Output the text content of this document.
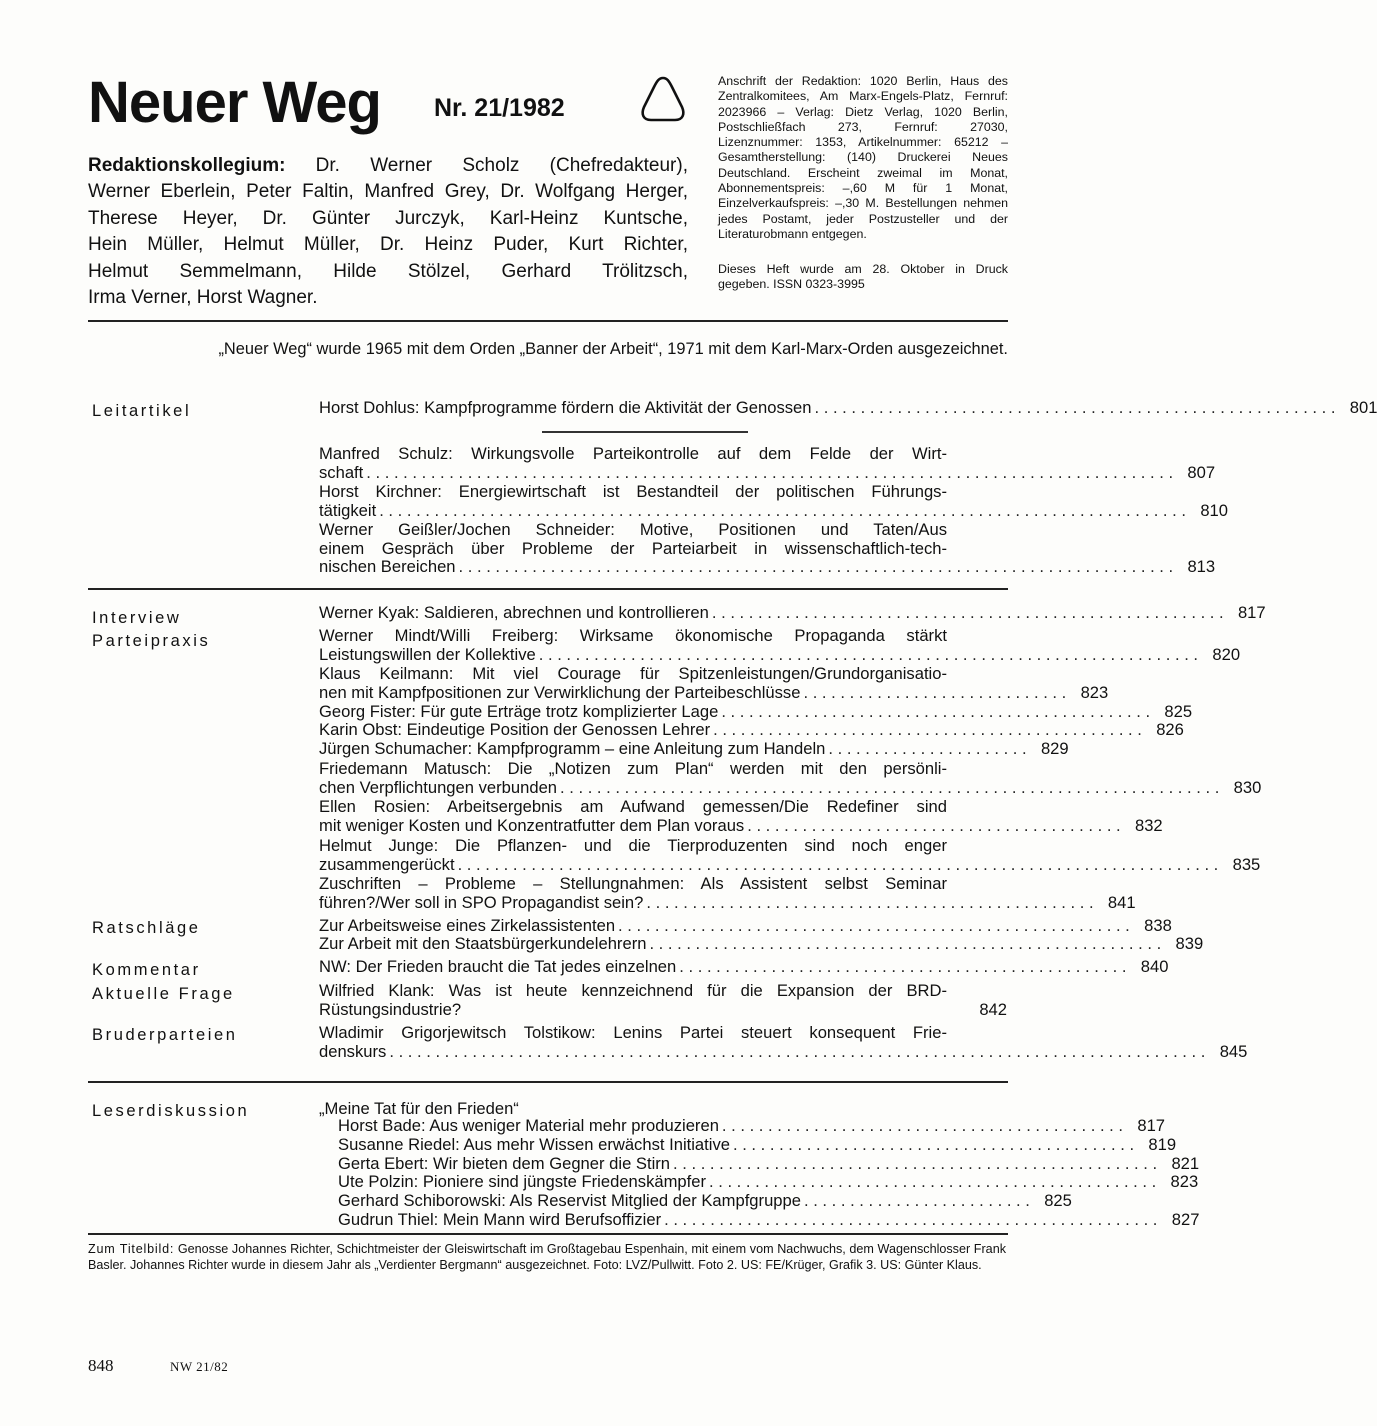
Neuer Weg Nr. 21/1982
Anschrift der Redaktion: 1020 Berlin, Haus des Zentralkomitees, Am Marx-Engels-Platz, Fernruf: 2023966 – Verlag: Dietz Verlag, 1020 Berlin, Postschließfach 273, Fernruf: 27030, Lizenznummer: 1353, Artikelnummer: 65212 – Gesamtherstellung: (140) Druckerei Neues Deutschland. Erscheint zweimal im Monat, Abonnementspreis: –,60 M für 1 Monat, Einzelverkaufspreis: –,30 M. Bestellungen nehmen jedes Postamt, jeder Postzusteller und der Literaturobmann entgegen.
Dieses Heft wurde am 28. Oktober in Druck gegeben. ISSN 0323-3995
Redaktionskollegium: Dr. Werner Scholz (Chefredakteur),
Werner Eberlein, Peter Faltin, Manfred Grey, Dr. Wolfgang Herger,
Therese Heyer, Dr. Günter Jurczyk, Karl-Heinz Kuntsche,
Hein Müller, Helmut Müller, Dr. Heinz Puder, Kurt Richter,
Helmut Semmelmann, Hilde Stölzel, Gerhard Trölitzsch,
Irma Verner, Horst Wagner.
„Neuer Weg“ wurde 1965 mit dem Orden „Banner der Arbeit“, 1971 mit dem Karl-Marx-Orden ausgezeichnet.
Leitartikel
Interview
Parteipraxis
Ratschläge
Kommentar
Aktuelle Frage
Bruderparteien
Leserdiskussion
Horst Dohlus: Kampfprogramme fördern die Aktivität der Genossen . . . . . . . . . . . . . . . . . . . . . . . . . . . . . . . . . . . . . . . . . . . . . . . . . . . . . . . . . 801
Manfred Schulz: Wirkungsvolle Parteikontrolle auf dem Felde der Wirt-
schaft . . . . . . . . . . . . . . . . . . . . . . . . . . . . . . . . . . . . . . . . . . . . . . . . . . . . . . . . . . . . . . . . . . . . . . . . . . . . . . . . . . . . . . . . 807
Horst Kirchner: Energiewirtschaft ist Bestandteil der politischen Führungs-
tätigkeit . . . . . . . . . . . . . . . . . . . . . . . . . . . . . . . . . . . . . . . . . . . . . . . . . . . . . . . . . . . . . . . . . . . . . . . . . . . . . . . . . . . . . . . . 810
Werner Geißler/Jochen Schneider: Motive, Positionen und Taten/Aus
einem Gespräch über Probleme der Parteiarbeit in wissenschaftlich-tech-
nischen Bereichen . . . . . . . . . . . . . . . . . . . . . . . . . . . . . . . . . . . . . . . . . . . . . . . . . . . . . . . . . . . . . . . . . . . . . . . . . . . . . . 813
Werner Kyak: Saldieren, abrechnen und kontrollieren . . . . . . . . . . . . . . . . . . . . . . . . . . . . . . . . . . . . . . . . . . . . . . . . . . . . . . . . 817
Werner Mindt/Willi Freiberg: Wirksame ökonomische Propaganda stärkt
Leistungswillen der Kollektive . . . . . . . . . . . . . . . . . . . . . . . . . . . . . . . . . . . . . . . . . . . . . . . . . . . . . . . . . . . . . . . . . . . . . . . . 820
Klaus Keilmann: Mit viel Courage für Spitzenleistungen/Grundorganisatio-
nen mit Kampfpositionen zur Verwirklichung der Parteibeschlüsse . . . . . . . . . . . . . . . . . . . . . . . . . . . . . 823
Georg Fister: Für gute Erträge trotz komplizierter Lage . . . . . . . . . . . . . . . . . . . . . . . . . . . . . . . . . . . . . . . . . . . . . . . 825
Karin Obst: Eindeutige Position der Genossen Lehrer . . . . . . . . . . . . . . . . . . . . . . . . . . . . . . . . . . . . . . . . . . . . . . . 826
Jürgen Schumacher: Kampfprogramm – eine Anleitung zum Handeln . . . . . . . . . . . . . . . . . . . . . . 829
Friedemann Matusch: Die „Notizen zum Plan“ werden mit den persönli-
chen Verpflichtungen verbunden . . . . . . . . . . . . . . . . . . . . . . . . . . . . . . . . . . . . . . . . . . . . . . . . . . . . . . . . . . . . . . . . . . . . . . . . 830
Ellen Rosien: Arbeitsergebnis am Aufwand gemessen/Die Redefiner sind
mit weniger Kosten und Konzentratfutter dem Plan voraus . . . . . . . . . . . . . . . . . . . . . . . . . . . . . . . . . . . . . . . . . 832
Helmut Junge: Die Pflanzen- und die Tierproduzenten sind noch enger
zusammengerückt . . . . . . . . . . . . . . . . . . . . . . . . . . . . . . . . . . . . . . . . . . . . . . . . . . . . . . . . . . . . . . . . . . . . . . . . . . . . . . . . . . . 835
Zuschriften – Probleme – Stellungnahmen: Als Assistent selbst Seminar
führen?/Wer soll in SPO Propagandist sein? . . . . . . . . . . . . . . . . . . . . . . . . . . . . . . . . . . . . . . . . . . . . . . . . . 841
Zur Arbeitsweise eines Zirkelassistenten . . . . . . . . . . . . . . . . . . . . . . . . . . . . . . . . . . . . . . . . . . . . . . . . . . . . . . . . 838
Zur Arbeit mit den Staatsbürgerkundelehrern . . . . . . . . . . . . . . . . . . . . . . . . . . . . . . . . . . . . . . . . . . . . . . . . . . . . . . . . 839
NW: Der Frieden braucht die Tat jedes einzelnen . . . . . . . . . . . . . . . . . . . . . . . . . . . . . . . . . . . . . . . . . . . . . . . . . 840
Wilfried Klank: Was ist heute kennzeichnend für die Expansion der BRD-
Rüstungsindustrie?	842
Wladimir Grigorjewitsch Tolstikow: Lenins Partei steuert konsequent Frie-
denskurs . . . . . . . . . . . . . . . . . . . . . . . . . . . . . . . . . . . . . . . . . . . . . . . . . . . . . . . . . . . . . . . . . . . . . . . . . . . . . . . . . . . . . . . . . 845
„Meine Tat für den Frieden“
Horst Bade: Aus weniger Material mehr produzieren . . . . . . . . . . . . . . . . . . . . . . . . . . . . . . . . . . . . . . . . . . . . 817
Susanne Riedel: Aus mehr Wissen erwächst Initiative . . . . . . . . . . . . . . . . . . . . . . . . . . . . . . . . . . . . . . . . . . . . 819
Gerta Ebert: Wir bieten dem Gegner die Stirn . . . . . . . . . . . . . . . . . . . . . . . . . . . . . . . . . . . . . . . . . . . . . . . . . . . . . 821
Ute Polzin: Pioniere sind jüngste Friedenskämpfer . . . . . . . . . . . . . . . . . . . . . . . . . . . . . . . . . . . . . . . . . . . . . . . . . 823
Gerhard Schiborowski: Als Reservist Mitglied der Kampfgruppe . . . . . . . . . . . . . . . . . . . . . . . . . 825
Gudrun Thiel: Mein Mann wird Berufsoffizier . . . . . . . . . . . . . . . . . . . . . . . . . . . . . . . . . . . . . . . . . . . . . . . . . . . . . . 827
Zum Titelbild: Genosse Johannes Richter, Schichtmeister der Gleiswirtschaft im Großtagebau Espenhain, mit einem vom Nachwuchs, dem Wagenschlosser Frank Basler. Johannes Richter wurde in diesem Jahr als „Verdienter Bergmann“ ausgezeichnet. Foto: LVZ/Pullwitt. Foto 2. US: FE/Krüger, Grafik 3. US: Günter Klaus.
848	NW 21/82
